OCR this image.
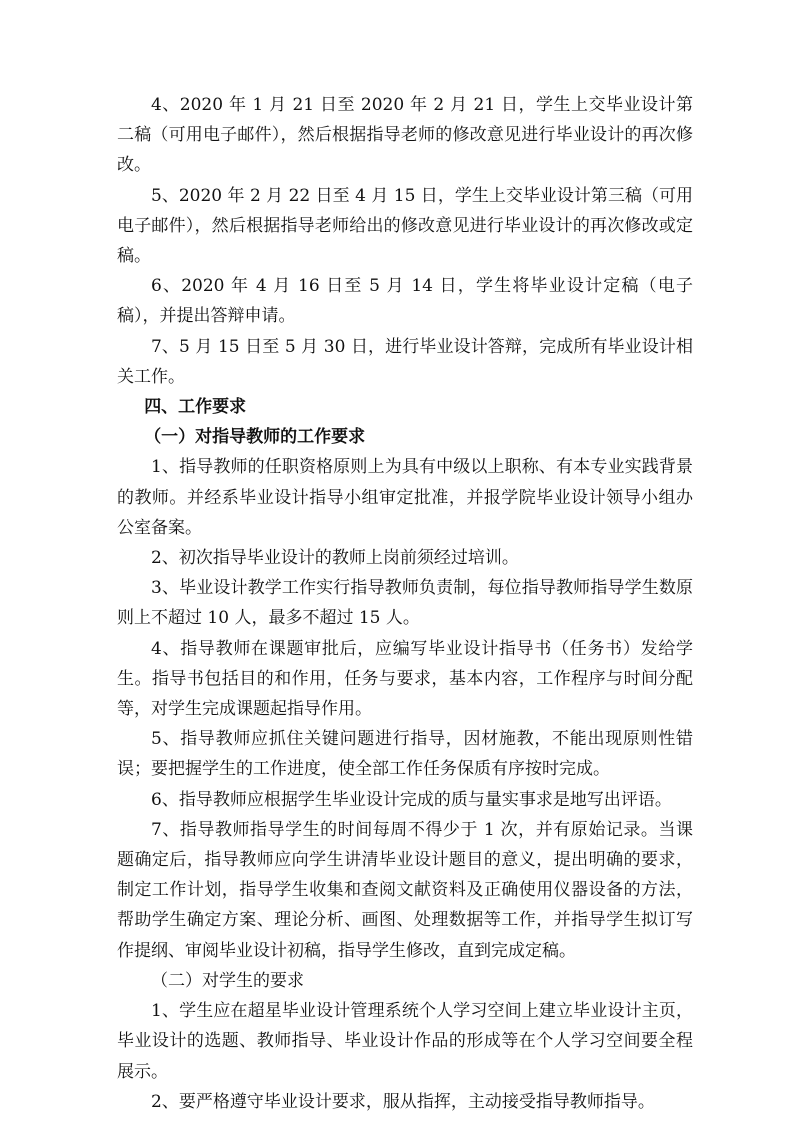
4、2020 年 1 月 21 日至 2020 年 2 月 21 日，学生上交毕业设计第二稿（可用电子邮件），然后根据指导老师的修改意见进行毕业设计的再次修改。

5、2020 年 2 月 22 日至 4 月 15 日，学生上交毕业设计第三稿（可用电子邮件），然后根据指导老师给出的修改意见进行毕业设计的再次修改或定稿。

6、2020 年 4 月 16 日至 5 月 14 日，学生将毕业设计定稿（电子稿），并提出答辩申请。

7、5 月 15 日至 5 月 30 日，进行毕业设计答辩，完成所有毕业设计相关工作。

四、工作要求

（一）对指导教师的工作要求

1、指导教师的任职资格原则上为具有中级以上职称、有本专业实践背景的教师。并经系毕业设计指导小组审定批准，并报学院毕业设计领导小组办公室备案。

2、初次指导毕业设计的教师上岗前须经过培训。

3、毕业设计教学工作实行指导教师负责制，每位指导教师指导学生数原则上不超过 10 人，最多不超过 15 人。

4、指导教师在课题审批后，应编写毕业设计指导书（任务书）发给学生。指导书包括目的和作用，任务与要求，基本内容，工作程序与时间分配等，对学生完成课题起指导作用。

5、指导教师应抓住关键问题进行指导，因材施教，不能出现原则性错误；要把握学生的工作进度，使全部工作任务保质有序按时完成。

6、指导教师应根据学生毕业设计完成的质与量实事求是地写出评语。

7、指导教师指导学生的时间每周不得少于 1 次，并有原始记录。当课题确定后，指导教师应向学生讲清毕业设计题目的意义，提出明确的要求，制定工作计划，指导学生收集和查阅文献资料及正确使用仪器设备的方法，帮助学生确定方案、理论分析、画图、处理数据等工作，并指导学生拟订写作提纲、审阅毕业设计初稿，指导学生修改，直到完成定稿。

（二）对学生的要求

1、学生应在超星毕业设计管理系统个人学习空间上建立毕业设计主页，毕业设计的选题、教师指导、毕业设计作品的形成等在个人学习空间要全程展示。

2、要严格遵守毕业设计要求，服从指挥，主动接受指导教师指导。
